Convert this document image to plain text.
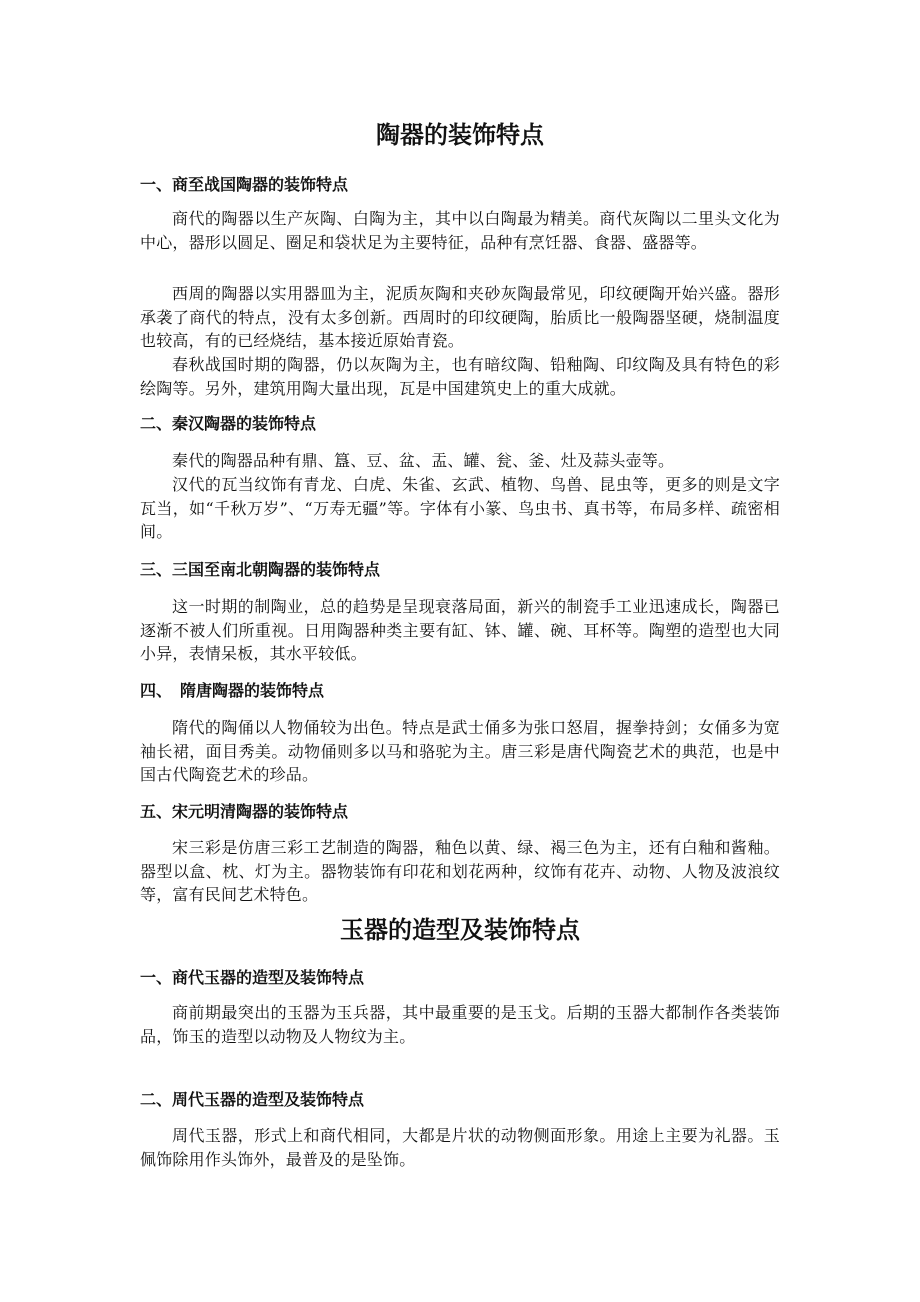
陶器的装饰特点
一、商至战国陶器的装饰特点

商代的陶器以生产灰陶、白陶为主，其中以白陶最为精美。商代灰陶以二里头文化为中心，器形以圆足、圈足和袋状足为主要特征，品种有烹饪器、食器、盛器等。

西周的陶器以实用器皿为主，泥质灰陶和夹砂灰陶最常见，印纹硬陶开始兴盛。器形承袭了商代的特点，没有太多创新。西周时的印纹硬陶，胎质比一般陶器坚硬，烧制温度也较高，有的已经烧结，基本接近原始青瓷。

春秋战国时期的陶器，仍以灰陶为主，也有暗纹陶、铅釉陶、印纹陶及具有特色的彩绘陶等。另外，建筑用陶大量出现，瓦是中国建筑史上的重大成就。

二、秦汉陶器的装饰特点

秦代的陶器品种有鼎、簋、豆、盆、盂、罐、瓮、釜、灶及蒜头壶等。

汉代的瓦当纹饰有青龙、白虎、朱雀、玄武、植物、鸟兽、昆虫等，更多的则是文字瓦当，如“千秋万岁”、“万寿无疆”等。字体有小篆、鸟虫书、真书等，布局多样、疏密相间。

三、三国至南北朝陶器的装饰特点

这一时期的制陶业，总的趋势是呈现衰落局面，新兴的制瓷手工业迅速成长，陶器已逐渐不被人们所重视。日用陶器种类主要有缸、钵、罐、碗、耳杯等。陶塑的造型也大同小异，表情呆板，其水平较低。

四、　隋唐陶器的装饰特点

隋代的陶俑以人物俑较为出色。特点是武士俑多为张口怒眉，握拳持剑；女俑多为宽袖长裙，面目秀美。动物俑则多以马和骆驼为主。唐三彩是唐代陶瓷艺术的典范，也是中国古代陶瓷艺术的珍品。

五、宋元明清陶器的装饰特点

宋三彩是仿唐三彩工艺制造的陶器，釉色以黄、绿、褐三色为主，还有白釉和酱釉。器型以盒、枕、灯为主。器物装饰有印花和划花两种，纹饰有花卉、动物、人物及波浪纹等，富有民间艺术特色。

玉器的造型及装饰特点
一、商代玉器的造型及装饰特点

商前期最突出的玉器为玉兵器，其中最重要的是玉戈。后期的玉器大都制作各类装饰品，饰玉的造型以动物及人物纹为主。

二、周代玉器的造型及装饰特点

周代玉器，形式上和商代相同，大都是片状的动物侧面形象。用途上主要为礼器。玉佩饰除用作头饰外，最普及的是坠饰。
